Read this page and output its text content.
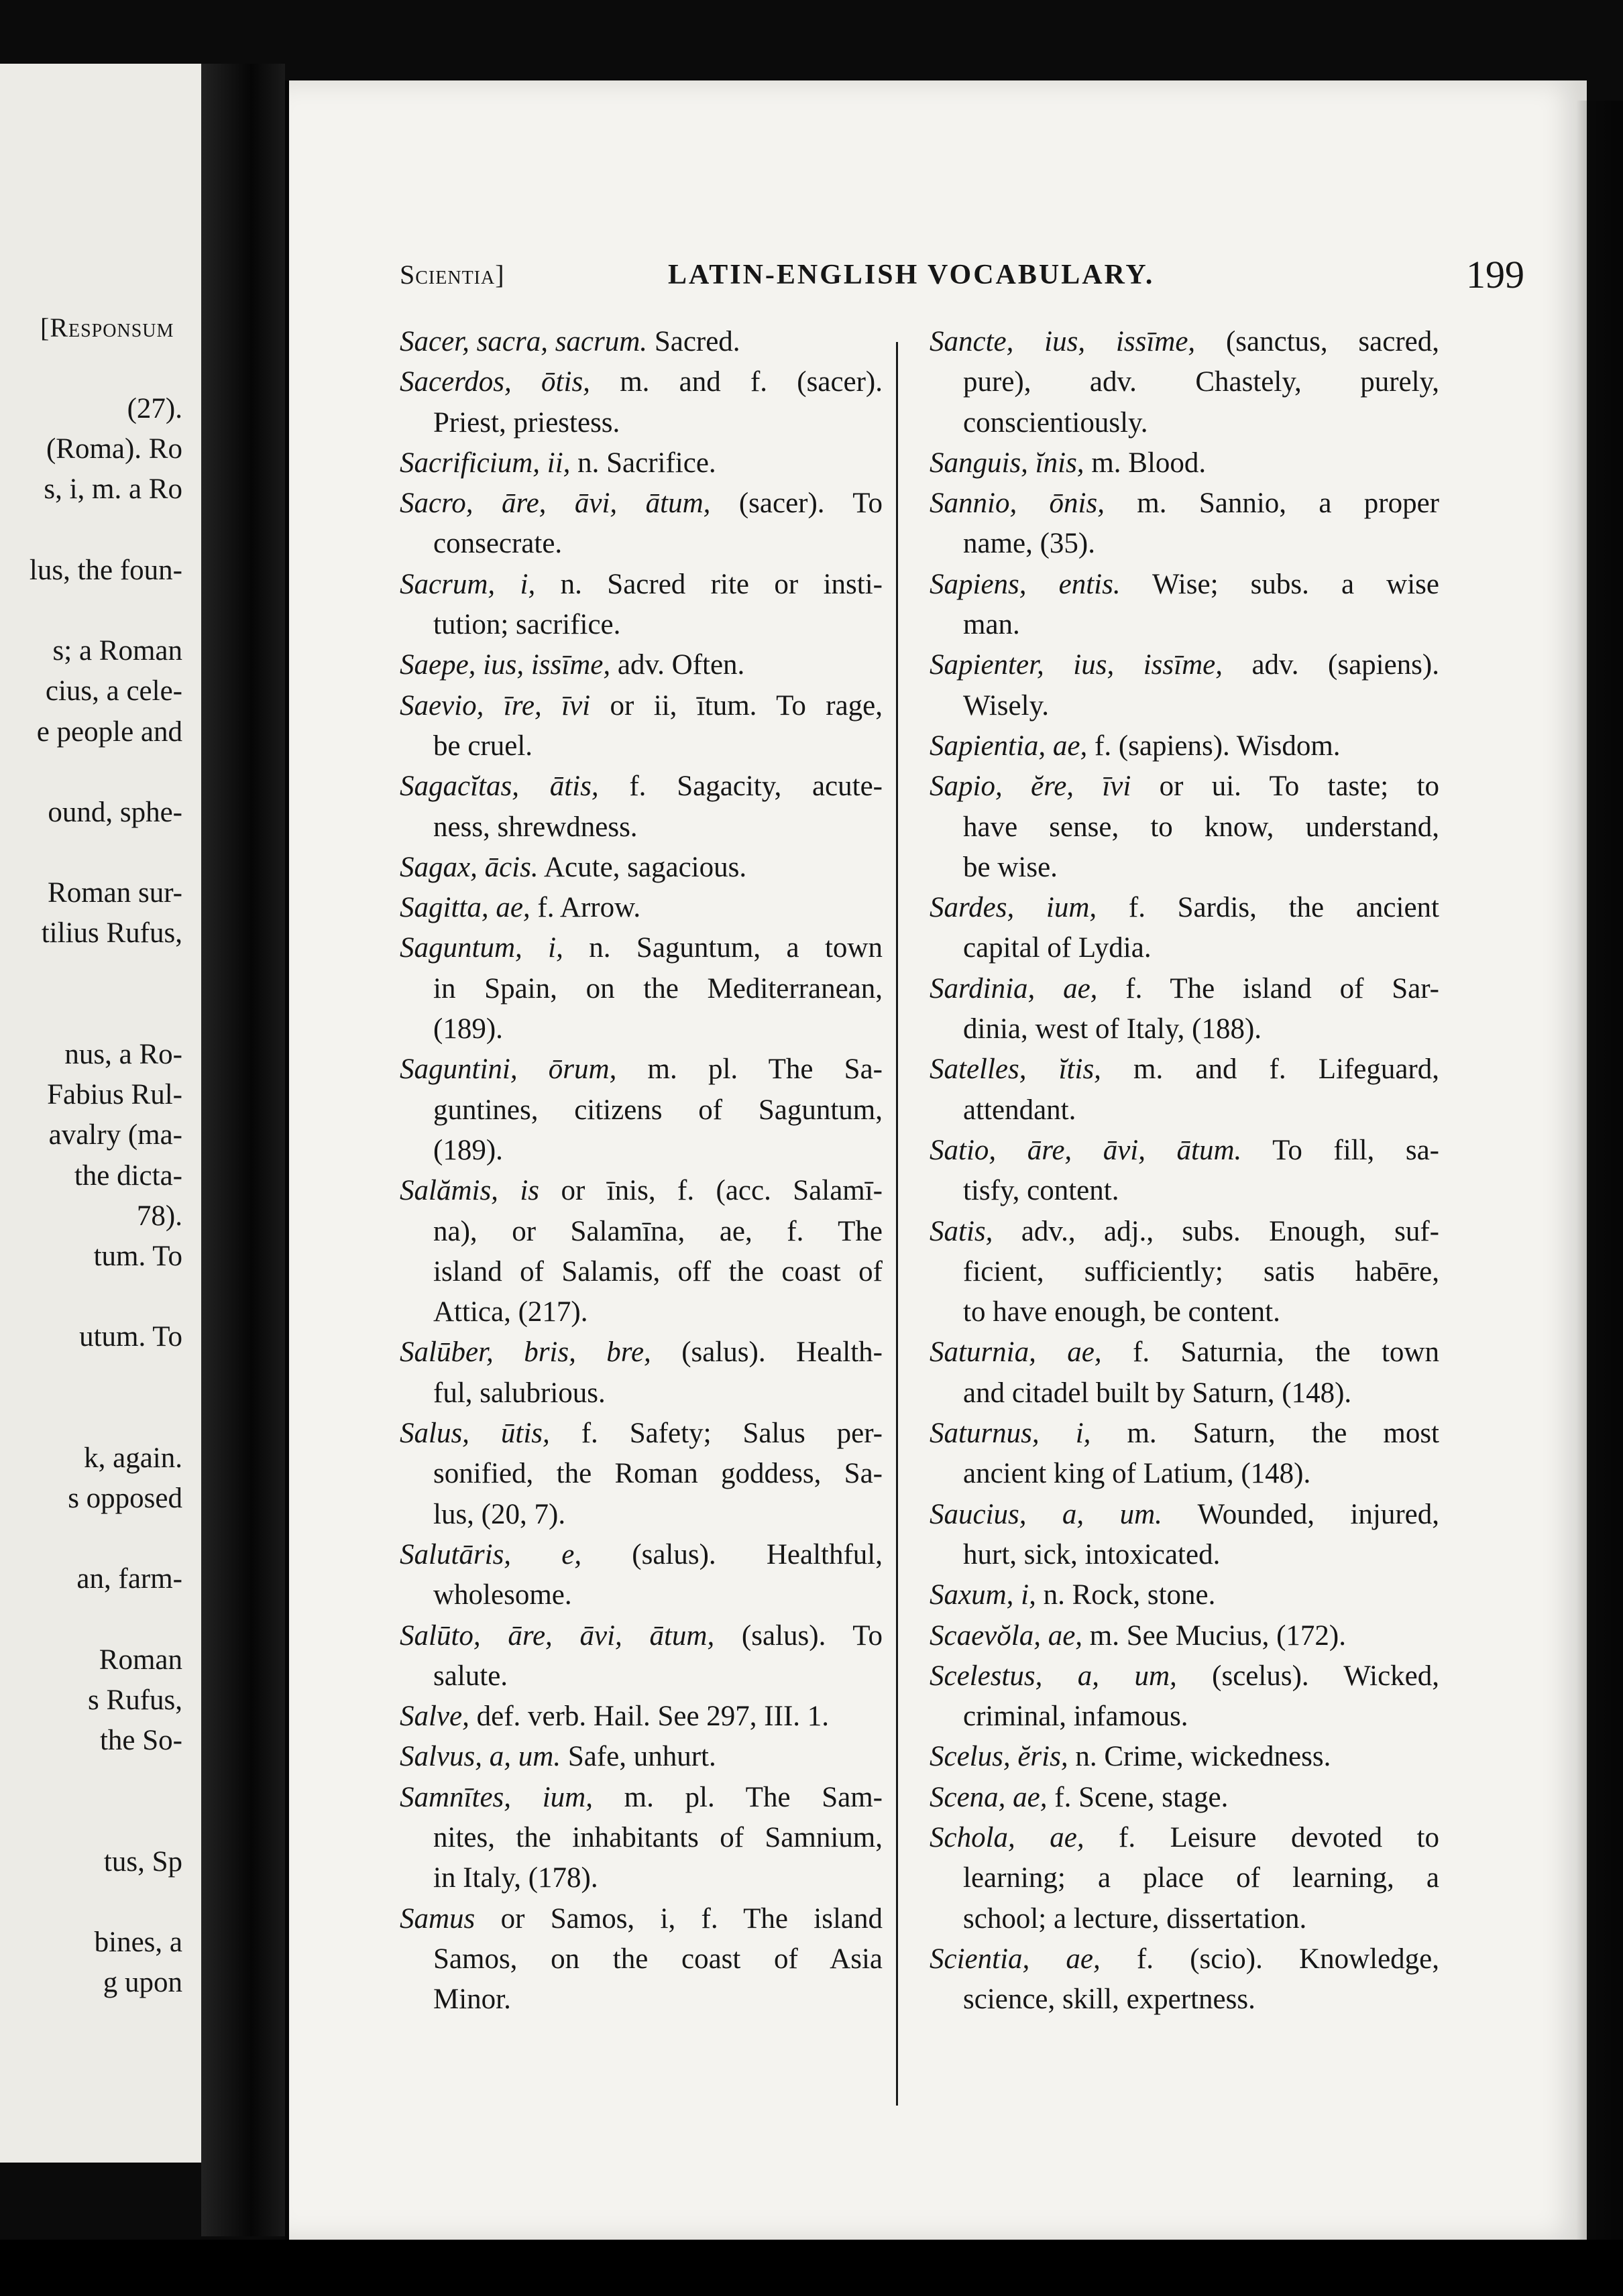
[Responsum
(27).
(Roma). Ro
s, i, m. a Ro
lus, the foun-
s; a Roman
cius, a cele-
e people and
ound, sphe-
Roman sur-
tilius Rufus,
nus, a Ro-
Fabius Rul-
avalry (ma-
the dicta-
78).
tum. To
utum. To
k, again.
s opposed
an, farm-
Roman
s Rufus,
the So-
tus, Sp
bines, a
g upon
Scientia]	LATIN-ENGLISH VOCABULARY.	199
Sacer, sacra, sacrum. Sacred.
Sacerdos, ōtis, m. and f. (sacer).
Priest, priestess.
Sacrificium, ii, n. Sacrifice.
Sacro, āre, āvi, ātum, (sacer). To
consecrate.
Sacrum, i, n. Sacred rite or insti-
tution; sacrifice.
Saepe, ius, issīme, adv. Often.
Saevio, īre, īvi or ii, ītum. To rage,
be cruel.
Sagacĭtas, ātis, f. Sagacity, acute-
ness, shrewdness.
Sagax, ācis. Acute, sagacious.
Sagitta, ae, f. Arrow.
Saguntum, i, n. Saguntum, a town
in Spain, on the Mediterranean,
(189).
Saguntini, ōrum, m. pl. The Sa-
guntines, citizens of Saguntum,
(189).
Salămis, is or īnis, f. (acc. Salamī-
na), or Salamīna, ae, f. The
island of Salamis, off the coast of
Attica, (217).
Salūber, bris, bre, (salus). Health-
ful, salubrious.
Salus, ūtis, f. Safety; Salus per-
sonified, the Roman goddess, Sa-
lus, (20, 7).
Salutāris, e, (salus). Healthful,
wholesome.
Salūto, āre, āvi, ātum, (salus). To
salute.
Salve, def. verb. Hail. See 297, III. 1.
Salvus, a, um. Safe, unhurt.
Samnītes, ium, m. pl. The Sam-
nites, the inhabitants of Samnium,
in Italy, (178).
Samus or Samos, i, f. The island
Samos, on the coast of Asia
Minor.
Sancte, ius, issīme, (sanctus, sacred,
pure), adv. Chastely, purely,
conscientiously.
Sanguis, ĭnis, m. Blood.
Sannio, ōnis, m. Sannio, a proper
name, (35).
Sapiens, entis. Wise; subs. a wise
man.
Sapienter, ius, issīme, adv. (sapiens).
Wisely.
Sapientia, ae, f. (sapiens). Wisdom.
Sapio, ĕre, īvi or ui. To taste; to
have sense, to know, understand,
be wise.
Sardes, ium, f. Sardis, the ancient
capital of Lydia.
Sardinia, ae, f. The island of Sar-
dinia, west of Italy, (188).
Satelles, ĭtis, m. and f. Lifeguard,
attendant.
Satio, āre, āvi, ātum. To fill, sa-
tisfy, content.
Satis, adv., adj., subs. Enough, suf-
ficient, sufficiently; satis habēre,
to have enough, be content.
Saturnia, ae, f. Saturnia, the town
and citadel built by Saturn, (148).
Saturnus, i, m. Saturn, the most
ancient king of Latium, (148).
Saucius, a, um. Wounded, injured,
hurt, sick, intoxicated.
Saxum, i, n. Rock, stone.
Scaevŏla, ae, m. See Mucius, (172).
Scelestus, a, um, (scelus). Wicked,
criminal, infamous.
Scelus, ĕris, n. Crime, wickedness.
Scena, ae, f. Scene, stage.
Schola, ae, f. Leisure devoted to
learning; a place of learning, a
school; a lecture, dissertation.
Scientia, ae, f. (scio). Knowledge,
science, skill, expertness.
